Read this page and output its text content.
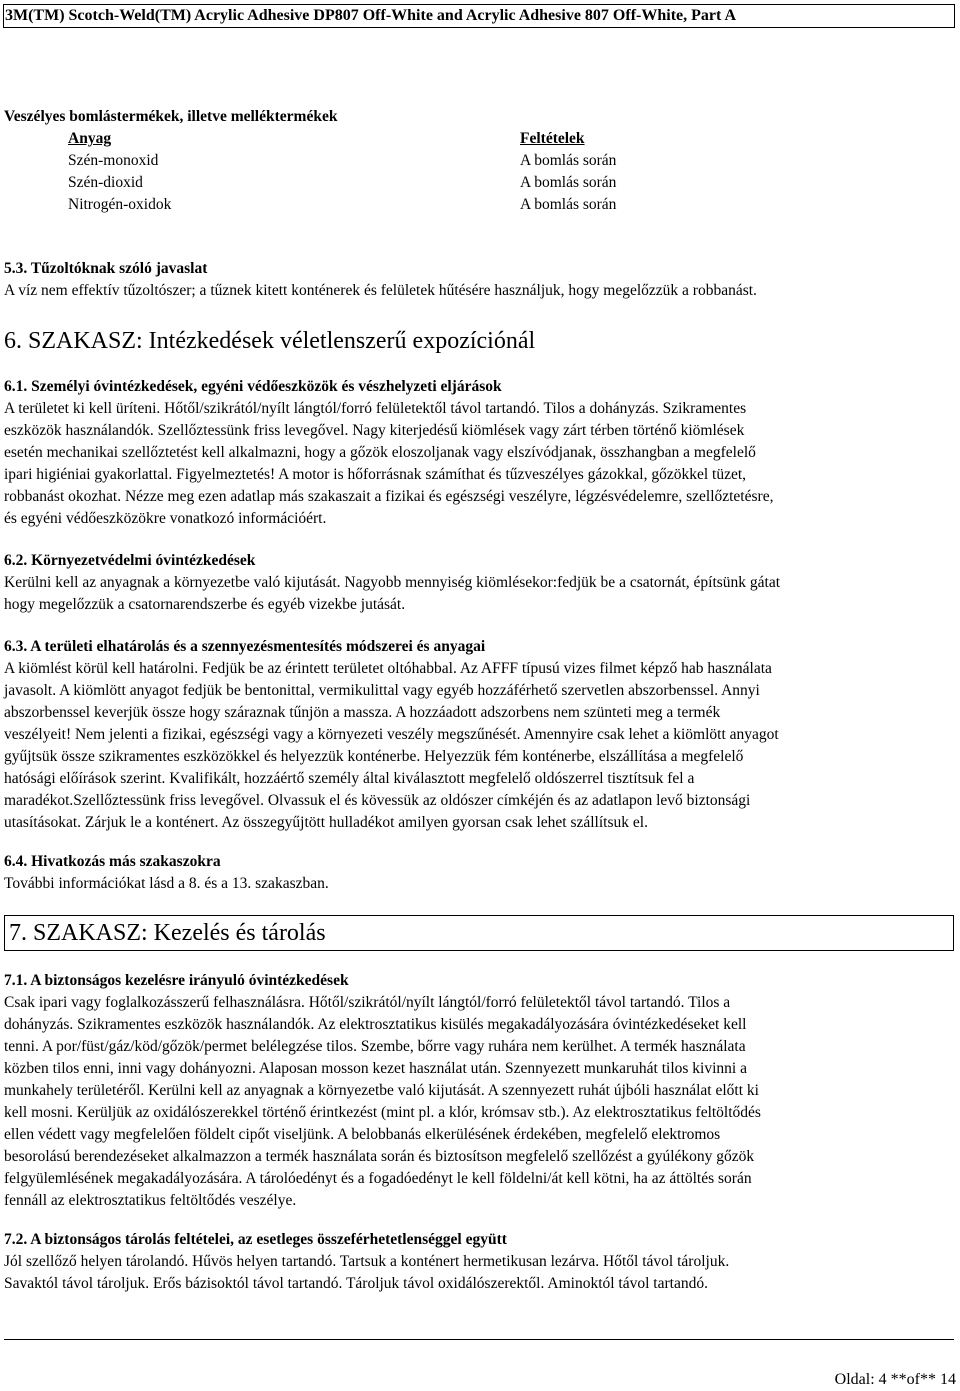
3M(TM) Scotch-Weld(TM) Acrylic Adhesive DP807 Off-White and Acrylic Adhesive 807 Off-White, Part A
Veszélyes bomlástermékek, illetve melléktermékek
Anyag
Szén-monoxid
Szén-dioxid
Nitrogén-oxidok
Feltételek
A bomlás során
A bomlás során
A bomlás során
5.3. Tűzoltóknak szóló javaslat
A víz nem effektív tűzoltószer; a tűznek kitett konténerek és felületek hűtésére használjuk, hogy megelőzzük a robbanást.
6. SZAKASZ: Intézkedések véletlenszerű expozíciónál
6.1. Személyi óvintézkedések, egyéni védőeszközök és vészhelyzeti eljárások
A területet ki kell üríteni. Hőtől/szikrától/nyílt lángtól/forró felületektől távol tartandó. Tilos a dohányzás. Szikramentes
eszközök használandók. Szellőztessünk friss levegővel. Nagy kiterjedésű kiömlések vagy zárt térben történő kiömlések
esetén mechanikai szellőztetést kell alkalmazni, hogy a gőzök eloszoljanak vagy elszívódjanak, összhangban a megfelelő
ipari higiéniai gyakorlattal. Figyelmeztetés! A motor is hőforrásnak számíthat és tűzveszélyes gázokkal, gőzökkel tüzet,
robbanást okozhat. Nézze meg ezen adatlap más szakaszait a fizikai és egészségi veszélyre, légzésvédelemre, szellőztetésre,
és egyéni védőeszközökre vonatkozó információért.
6.2. Környezetvédelmi óvintézkedések
Kerülni kell az anyagnak a környezetbe való kijutását. Nagyobb mennyiség kiömlésekor:fedjük be a csatornát, építsünk gátat
hogy megelőzzük a csatornarendszerbe és egyéb vizekbe jutását.
6.3. A területi elhatárolás és a szennyezésmentesítés módszerei és anyagai
A kiömlést körül kell határolni. Fedjük be az érintett területet oltóhabbal. Az AFFF típusú vizes filmet képző hab használata
javasolt. A kiömlött anyagot fedjük be bentonittal, vermikulittal vagy egyéb hozzáférhető szervetlen abszorbenssel. Annyi
abszorbenssel keverjük össze hogy száraznak tűnjön a massza. A hozzáadott adszorbens nem szünteti meg a termék
veszélyeit! Nem jelenti a fizikai, egészségi vagy a környezeti veszély megszűnését. Amennyire csak lehet a kiömlött anyagot
gyűjtsük össze szikramentes eszközökkel és helyezzük konténerbe. Helyezzük fém konténerbe, elszállítása a megfelelő
hatósági előírások szerint. Kvalifikált, hozzáértő személy által kiválasztott megfelelő oldószerrel tisztítsuk fel a
maradékot.Szellőztessünk friss levegővel. Olvassuk el és kövessük az oldószer címkéjén és az adatlapon levő biztonsági
utasításokat. Zárjuk le a konténert. Az összegyűjtött hulladékot amilyen gyorsan csak lehet szállítsuk el.
6.4. Hivatkozás más szakaszokra
További információkat lásd a 8. és a 13. szakaszban.
7. SZAKASZ: Kezelés és tárolás
7.1. A biztonságos kezelésre irányuló óvintézkedések
Csak ipari vagy foglalkozásszerű felhasználásra. Hőtől/szikrától/nyílt lángtól/forró felületektől távol tartandó. Tilos a
dohányzás. Szikramentes eszközök használandók. Az elektrosztatikus kisülés megakadályozására óvintézkedéseket kell
tenni. A por/füst/gáz/köd/gőzök/permet belélegzése tilos. Szembe, bőrre vagy ruhára nem kerülhet. A termék használata
közben tilos enni, inni vagy dohányozni. Alaposan mosson kezet használat után. Szennyezett munkaruhát tilos kivinni a
munkahely területéről. Kerülni kell az anyagnak a környezetbe való kijutását. A szennyezett ruhát újbóli használat előtt ki
kell mosni. Kerüljük az oxidálószerekkel történő érintkezést (mint pl. a klór, krómsav stb.). Az elektrosztatikus feltöltődés
ellen védett vagy megfelelően földelt cipőt viseljünk. A belobbanás elkerülésének érdekében, megfelelő elektromos
besorolású berendezéseket alkalmazzon a termék használata során és biztosítson megfelelő szellőzést a gyúlékony gőzök
felgyülemlésének megakadályozására. A tárolóedényt és a fogadóedényt le kell földelni/át kell kötni, ha az áttöltés során
fennáll az elektrosztatikus feltöltődés veszélye.
7.2. A biztonságos tárolás feltételei, az esetleges összeférhetetlenséggel együtt
Jól szellőző helyen tárolandó. Hűvös helyen tartandó. Tartsuk a konténert hermetikusan lezárva. Hőtől távol tároljuk.
Savaktól távol tároljuk. Erős bázisoktól távol tartandó. Tároljuk távol oxidálószerektől. Aminoktól távol tartandó.
Oldal: 4 **of** 14
